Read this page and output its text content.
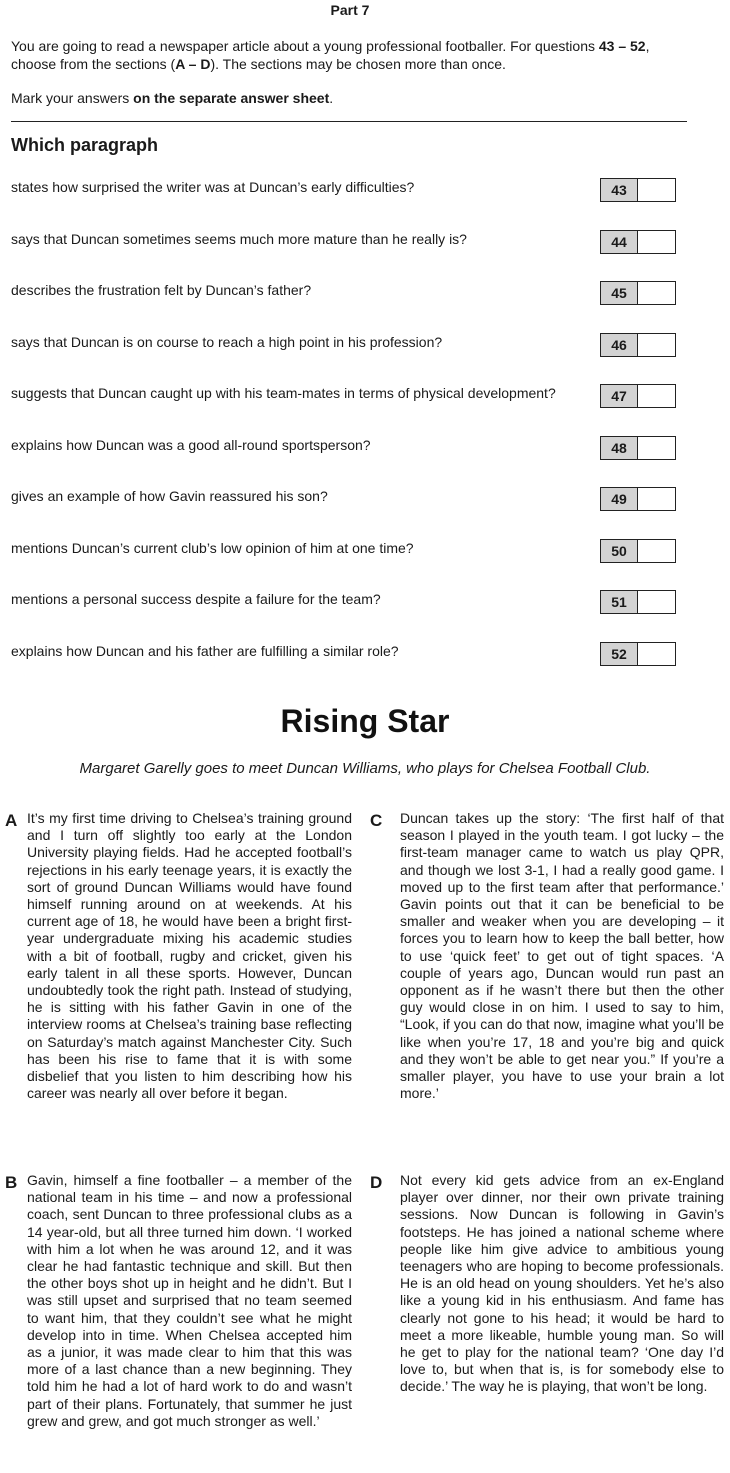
Part 7
You are going to read a newspaper article about a young professional footballer. For questions 43 – 52, choose from the sections (A – D). The sections may be chosen more than once.
Mark your answers on the separate answer sheet.
Which paragraph
states how surprised the writer was at Duncan’s early difficulties?	43
says that Duncan sometimes seems much more mature than he really is?	44
describes the frustration felt by Duncan’s father?	45
says that Duncan is on course to reach a high point in his profession?	46
suggests that Duncan caught up with his team-mates in terms of physical development?	47
explains how Duncan was a good all-round sportsperson?	48
gives an example of how Gavin reassured his son?	49
mentions Duncan’s current club’s low opinion of him at one time?	50
mentions a personal success despite a failure for the team?	51
explains how Duncan and his father are fulfilling a similar role?	52
Rising Star
Margaret Garelly goes to meet Duncan Williams, who plays for Chelsea Football Club.
A It’s my first time driving to Chelsea’s training ground and I turn off slightly too early at the London University playing fields. Had he accepted football’s rejections in his early teenage years, it is exactly the sort of ground Duncan Williams would have found himself running around on at weekends. At his current age of 18, he would have been a bright first-year undergraduate mixing his academic studies with a bit of football, rugby and cricket, given his early talent in all these sports. However, Duncan undoubtedly took the right path. Instead of studying, he is sitting with his father Gavin in one of the interview rooms at Chelsea’s training base reflecting on Saturday’s match against Manchester City. Such has been his rise to fame that it is with some disbelief that you listen to him describing how his career was nearly all over before it began.
C Duncan takes up the story: ‘The first half of that season I played in the youth team. I got lucky – the first-team manager came to watch us play QPR, and though we lost 3-1, I had a really good game. I moved up to the first team after that performance.’ Gavin points out that it can be beneficial to be smaller and weaker when you are developing – it forces you to learn how to keep the ball better, how to use ‘quick feet’ to get out of tight spaces. ‘A couple of years ago, Duncan would run past an opponent as if he wasn’t there but then the other guy would close in on him. I used to say to him, “Look, if you can do that now, imagine what you’ll be like when you’re 17, 18 and you’re big and quick and they won’t be able to get near you.” If you’re a smaller player, you have to use your brain a lot more.’
B Gavin, himself a fine footballer – a member of the national team in his time – and now a professional coach, sent Duncan to three professional clubs as a 14 year-old, but all three turned him down. ‘I worked with him a lot when he was around 12, and it was clear he had fantastic technique and skill. But then the other boys shot up in height and he didn’t. But I was still upset and surprised that no team seemed to want him, that they couldn’t see what he might develop into in time. When Chelsea accepted him as a junior, it was made clear to him that this was more of a last chance than a new beginning. They told him he had a lot of hard work to do and wasn’t part of their plans. Fortunately, that summer he just grew and grew, and got much stronger as well.’
D Not every kid gets advice from an ex-England player over dinner, nor their own private training sessions. Now Duncan is following in Gavin’s footsteps. He has joined a national scheme where people like him give advice to ambitious young teenagers who are hoping to become professionals. He is an old head on young shoulders. Yet he’s also like a young kid in his enthusiasm. And fame has clearly not gone to his head; it would be hard to meet a more likeable, humble young man. So will he get to play for the national team? ‘One day I’d love to, but when that is, is for somebody else to decide.’ The way he is playing, that won’t be long.
